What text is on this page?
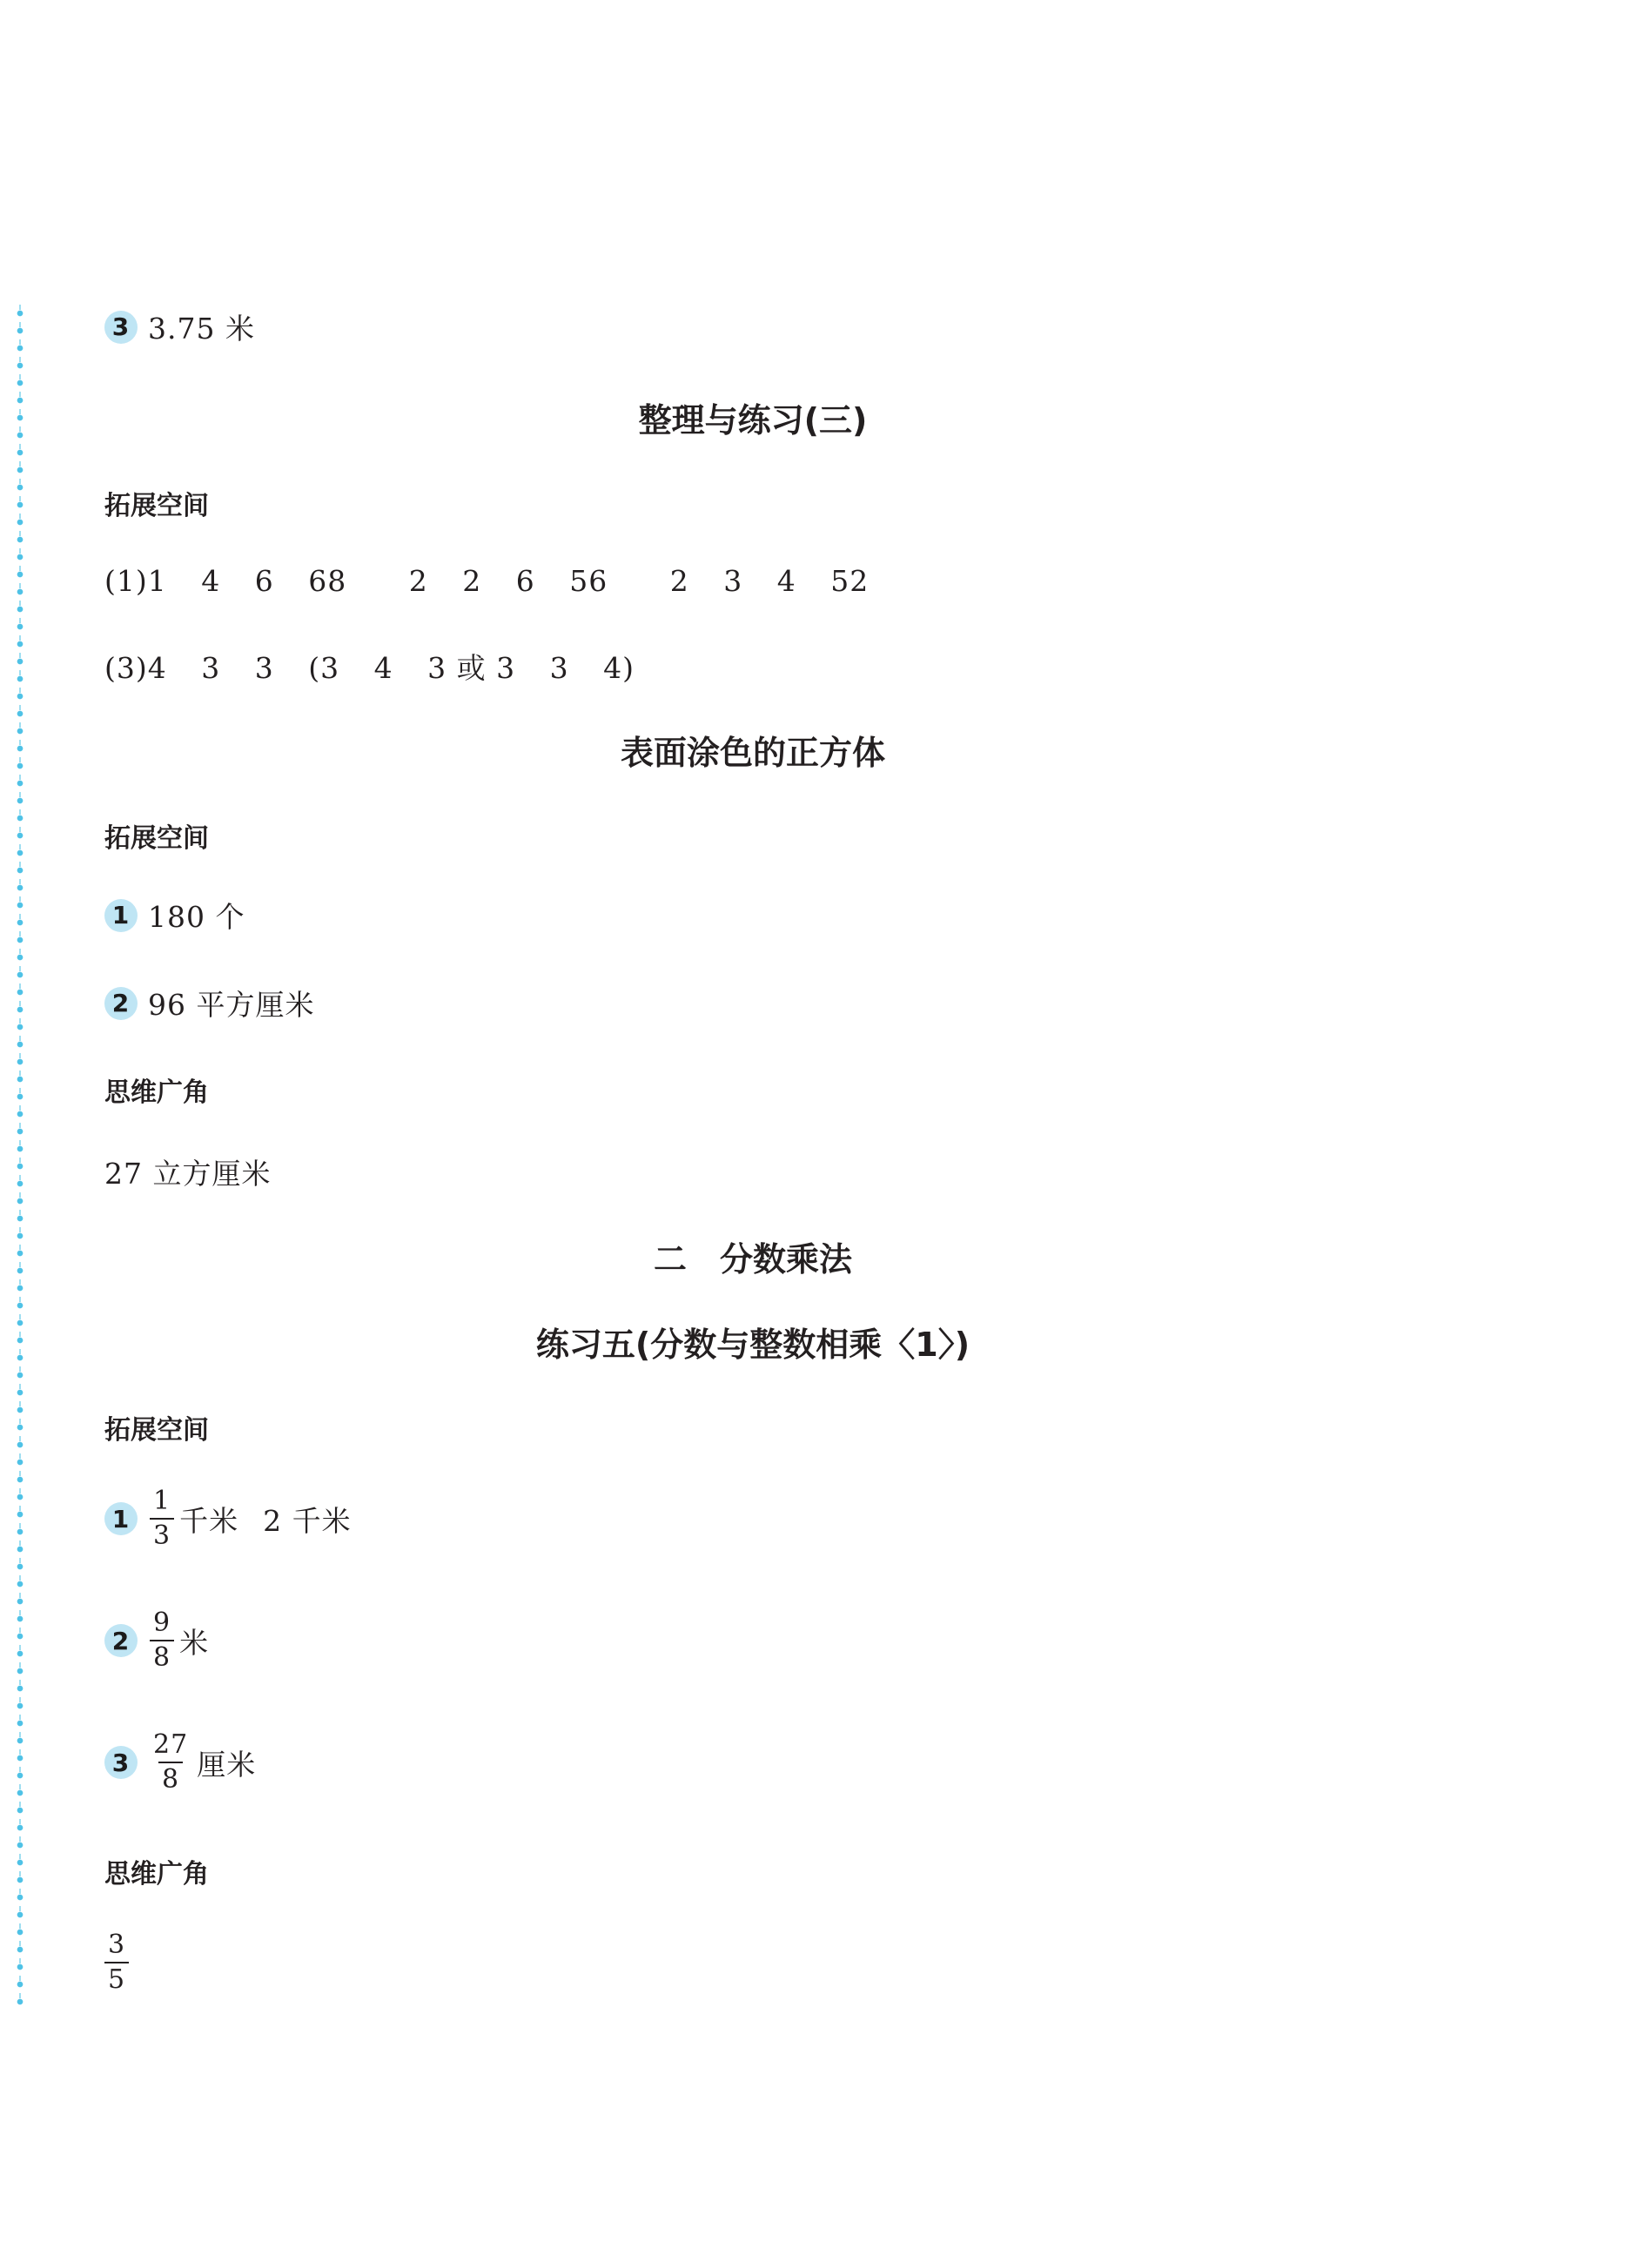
3 3.75 米
整理与练习(三)
拓展空间
(1)1 4 6 68 2 2 6 56 2 3 4 52
(3)4 3 3 (3 4 3 或 3 3 4)
表面涂色的正方体
拓展空间
1 180 个
2 96 平方厘米
思维广角
27 立方厘米
二　分数乘法
练习五(分数与整数相乘〈1〉)
拓展空间
$1 \frac{1}{3}$ 千米 2 千米
$2 \frac{9}{8}$ 米
$3 \frac{27}{8}$ 厘米
思维广角
$\frac{3}{5}$
